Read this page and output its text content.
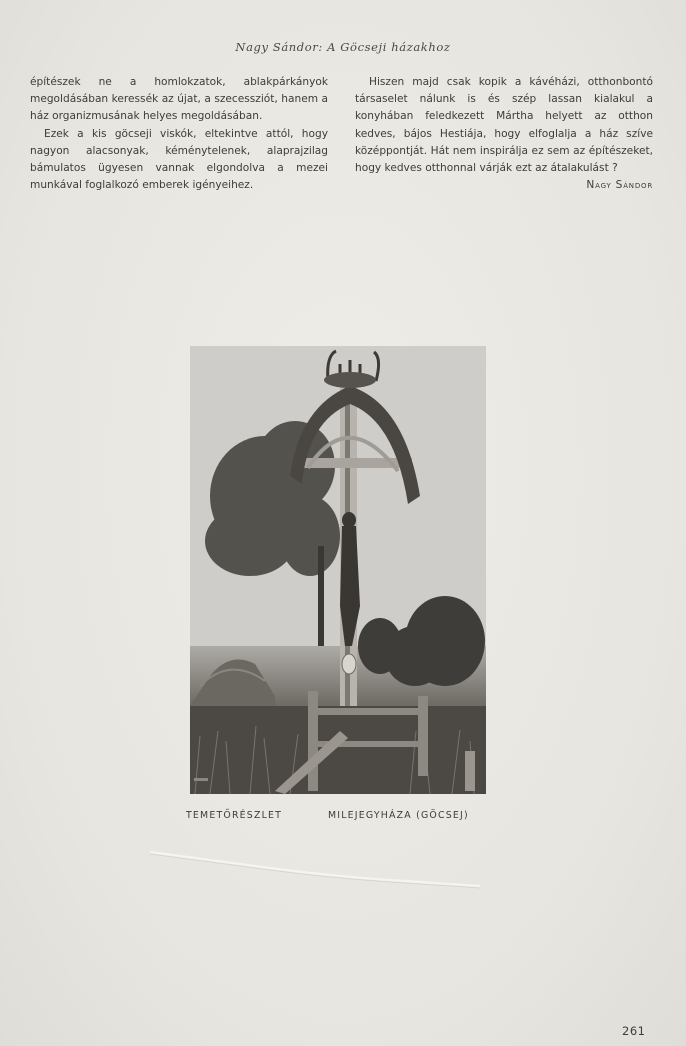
Nagy Sándor: A Göcseji házakhoz

építészek ne a homlokzatok, ablakpárkányok megoldásában keressék az újat, a szecessziót, hanem a ház organizmusának helyes megoldásában.

Ezek a kis göcseji viskók, eltekintve attól, hogy nagyon alacsonyak, kéménytelenek, alaprajzilag bámulatos ügyesen vannak elgondolva a mezei munkával foglalkozó emberek igényeihez.

Hiszen majd csak kopik a kávéházi, otthonbontó társaselet nálunk is és szép lassan kialakul a konyhában feledkezett Mártha helyett az otthon kedves, bájos Hestiája, hogy elfoglalja a ház szíve középpontját. Hát nem inspirálja ez sem az építészeket, hogy kedves otthonnal várják ezt az átalakulást ?
Nagy Sándor

TEMETŐRÉSZLET	MILEJEGYHÁZA (GÖCSEJ)
261
